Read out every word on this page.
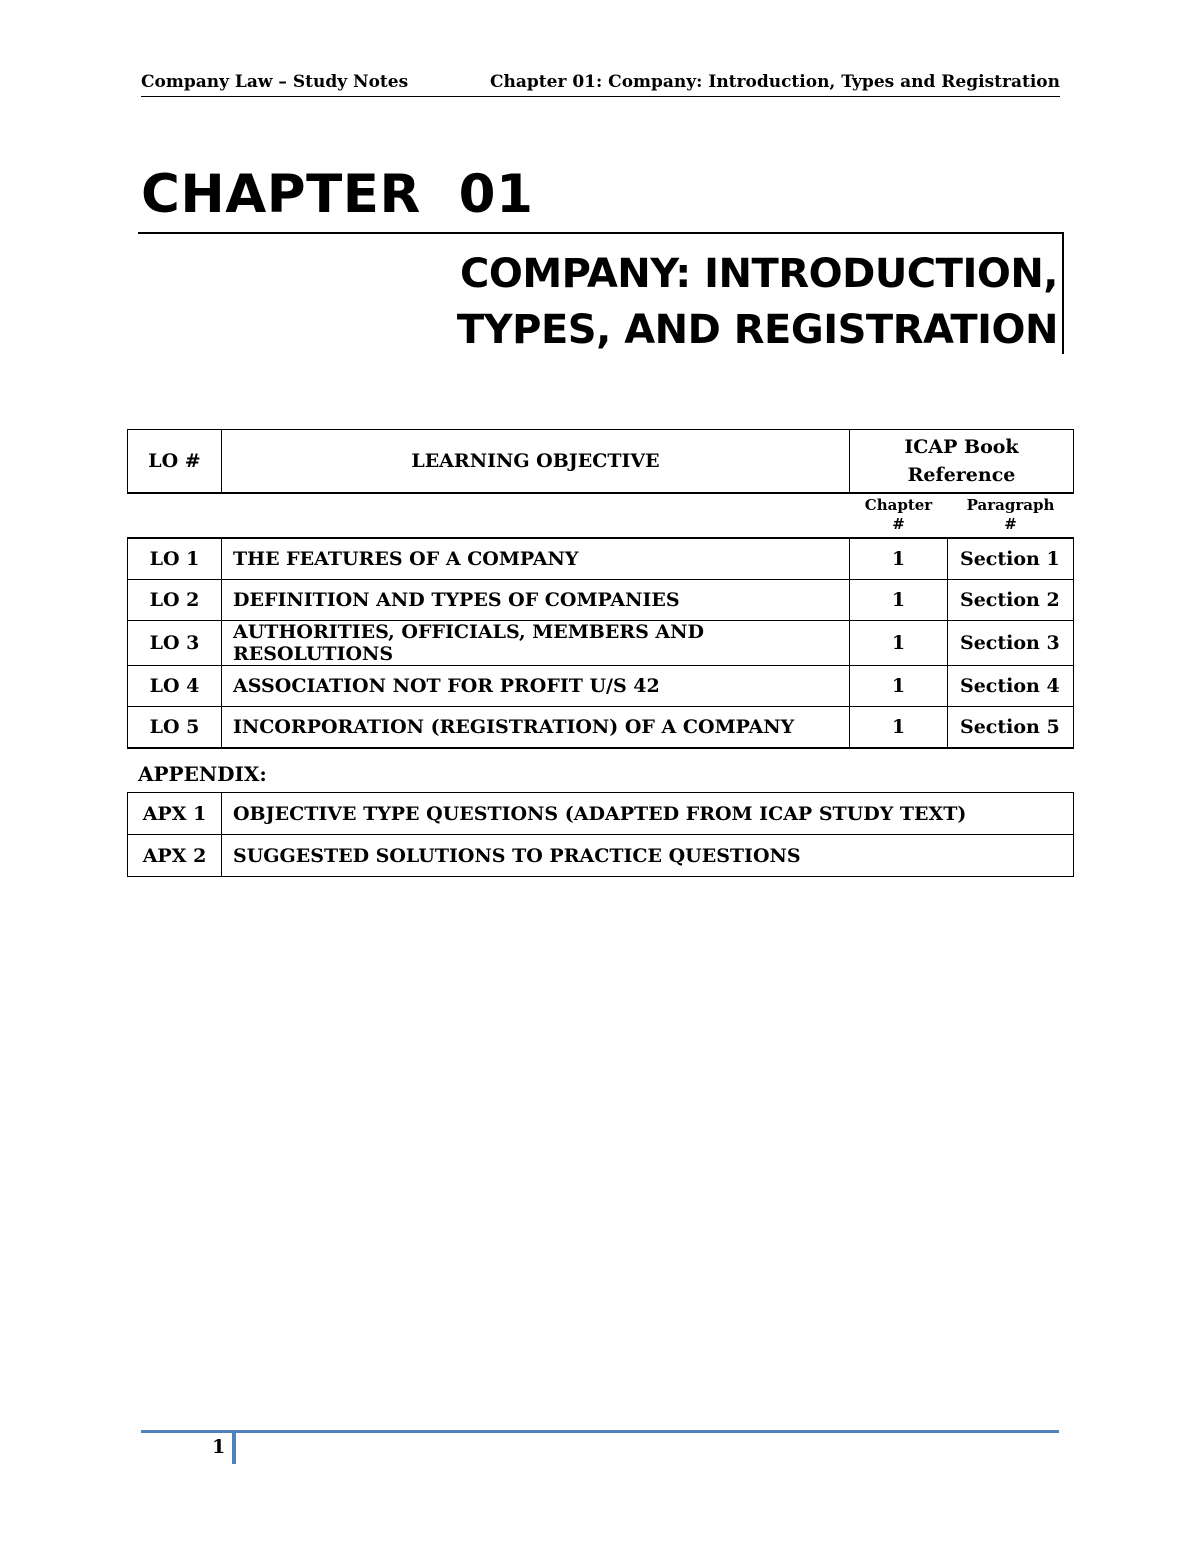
Company Law – Study Notes	Chapter 01: Company: Introduction, Types and Registration
CHAPTER  01
COMPANY: INTRODUCTION,
TYPES, AND REGISTRATION
LO #	LEARNING OBJECTIVE	ICAP Book Reference	
		Chapter #	Paragraph #
LO 1	THE FEATURES OF A COMPANY	1	Section 1
LO 2	DEFINITION AND TYPES OF COMPANIES	1	Section 2
LO 3	AUTHORITIES, OFFICIALS, MEMBERS AND RESOLUTIONS	1	Section 3
LO 4	ASSOCIATION NOT FOR PROFIT U/S 42	1	Section 4
LO 5	INCORPORATION (REGISTRATION) OF A COMPANY	1	Section 5
APPENDIX:
APX 1	OBJECTIVE TYPE QUESTIONS (ADAPTED FROM ICAP STUDY TEXT)
APX 2	SUGGESTED SOLUTIONS TO PRACTICE QUESTIONS
1
